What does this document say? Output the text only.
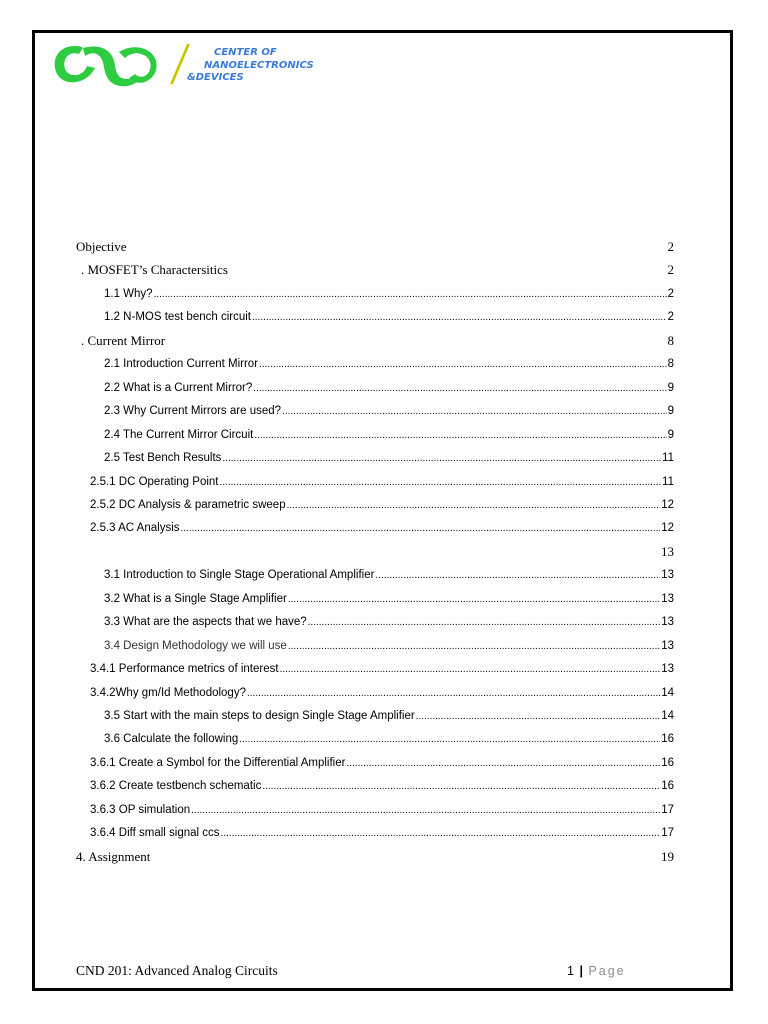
CENTER OF
NANOELECTRONICS
&DEVICES
Objective	2
. MOSFET’s Charactersitics	2
1.1 Why? .....	2
1.2 N-MOS test bench circuit .....	2
. Current Mirror	8
2.1 Introduction Current Mirror .....	8
2.2 What is a Current Mirror? .....	9
2.3 Why Current Mirrors are used? .....	9
2.4 The Current Mirror Circuit .....	9
2.5 Test Bench Results .....	11
2.5.1 DC Operating Point .....	11
2.5.2 DC Analysis & parametric sweep .....	12
2.5.3 AC Analysis .....	12
13
3.1 Introduction to Single Stage Operational Amplifier .....	13
3.2 What is a Single Stage Amplifier .....	13
3.3 What are the aspects that we have? .....	13
3.4 Design Methodology we will use .....	13
3.4.1 Performance metrics of interest .....	13
3.4.2Why gm/Id Methodology? .....	14
3.5 Start with the main steps to design Single Stage Amplifier .....	14
3.6 Calculate the following .....	16
3.6.1 Create a Symbol for the Differential Amplifier .....	16
3.6.2 Create testbench schematic .....	16
3.6.3 OP simulation .....	17
3.6.4 Diff small signal ccs .....	17
4. Assignment	19
CND 201: Advanced Analog Circuits	1 | Page
